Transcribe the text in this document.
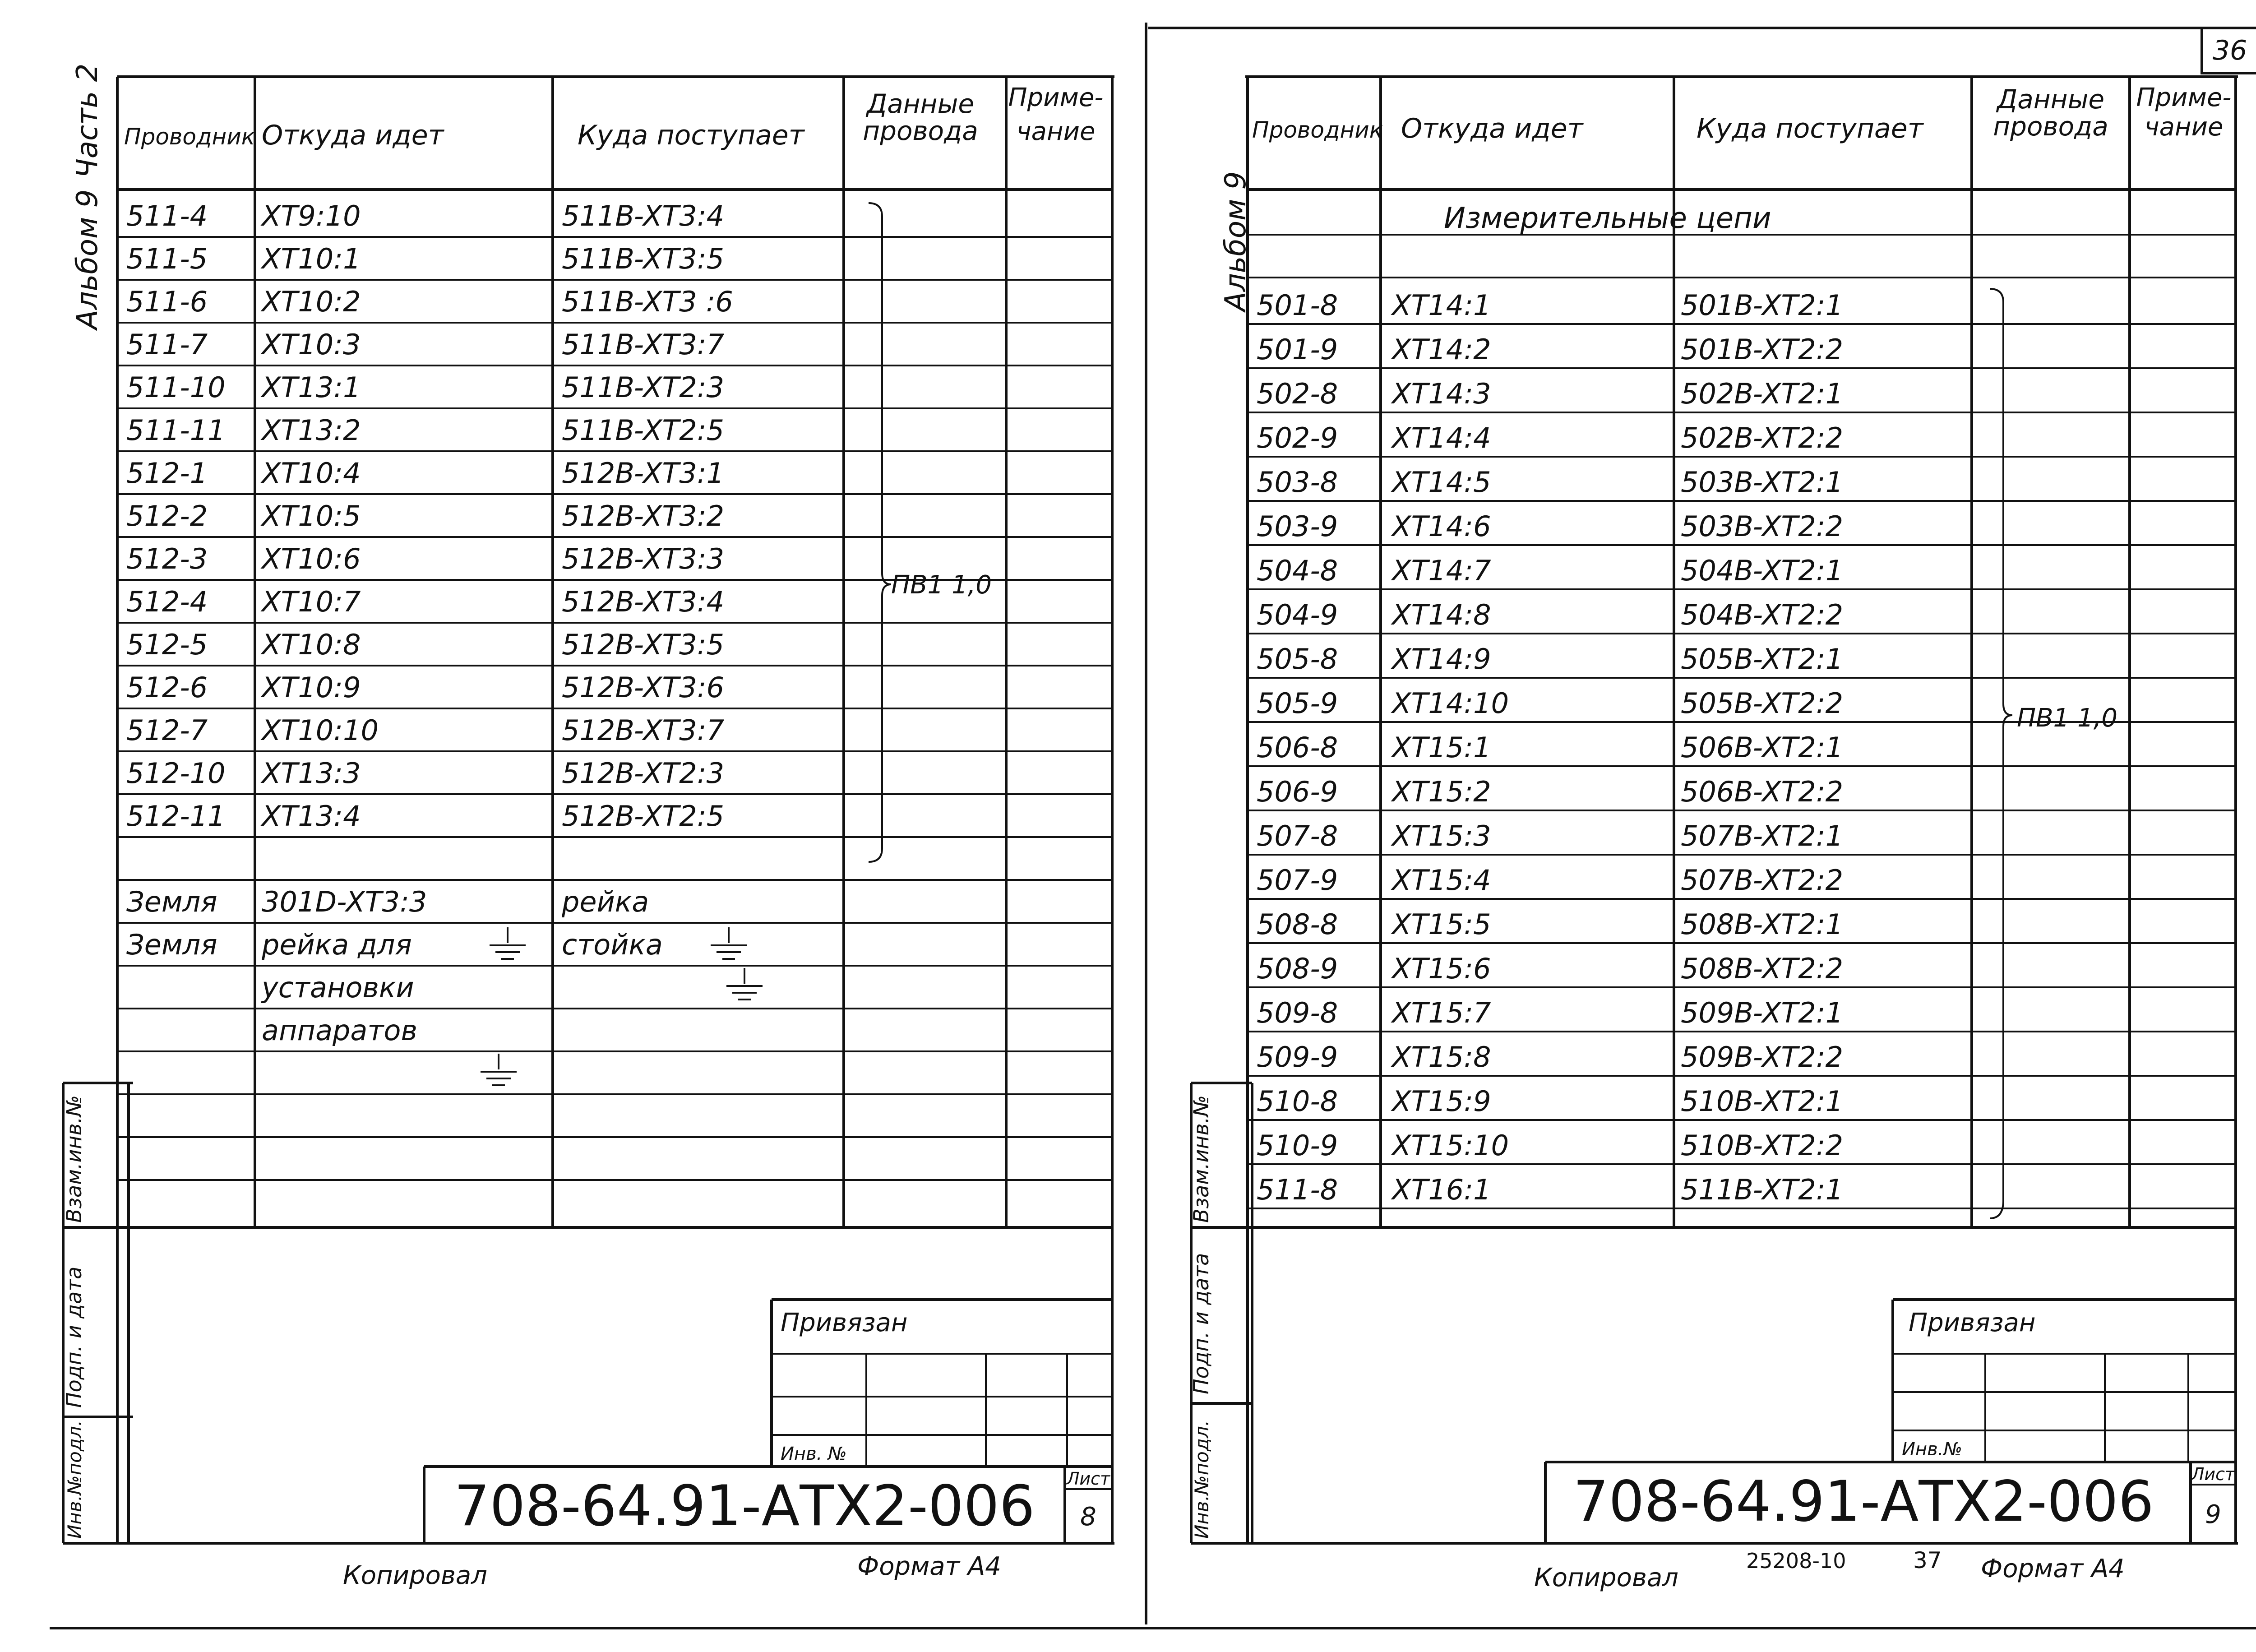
36
Альбом 9
Часть 2
Взам.инв.№
Подп. и дата
Инв.№подл.
Привязан
Инв. №
708-64.91-АТХ2-006 Лист
8
Копировал	Формат А4
Проводник Откуда идет	Куда поступает
Данные
провода
Приме-
чание
511-4 XT9:10	511B-XT3:4
511-5 XT10:1	511B-XT3:5
511-6 XT10:2	511B-XT3 :6
511-7 XT10:3	511B-XT3:7
511-10 XT13:1	511B-XT2:3
511-11 XT13:2	511B-XT2:5
512-1 XT10:4	512B-XT3:1
512-2 XT10:5	512B-XT3:2
512-3 XT10:6	512B-XT3:3
512-4 XT10:7	512B-XT3:4
512-5 XT10:8	512B-XT3:5
512-6 XT10:9	512B-XT3:6
512-7 XT10:10	512B-XT3:7
512-10 XT13:3	512B-XT2:3
512-11 XT13:4	512B-XT2:5
Земля 301D-XT3:3	рейка
Земля рейка для	стойка
установки
аппаратов
ПВ1 1,0
Альбом 9
Взам.инв.№
Подп. и дата
Инв.№подл.
Привязан
Инв.№
708-64.91-АТХ2-006 Лист
9
Копировал
25208-10	37 Формат А4
Проводник Откуда идет	Куда поступает
Данные
провода
Приме-
чание
Измерительные цепи
501-8 XT14:1	501B-XT2:1
501-9 XT14:2	501B-XT2:2
502-8 XT14:3	502B-XT2:1
502-9 XT14:4	502B-XT2:2
503-8 XT14:5	503B-XT2:1
503-9 XT14:6	503B-XT2:2
504-8 XT14:7	504B-XT2:1
504-9 XT14:8	504B-XT2:2
505-8 XT14:9	505B-XT2:1
505-9 XT14:10	505B-XT2:2
506-8 XT15:1	506B-XT2:1
506-9 XT15:2	506B-XT2:2
507-8 XT15:3	507B-XT2:1
507-9 XT15:4	507B-XT2:2
508-8 XT15:5	508B-XT2:1
508-9 XT15:6	508B-XT2:2
509-8 XT15:7	509B-XT2:1
509-9 XT15:8	509B-XT2:2
510-8 XT15:9	510B-XT2:1
510-9 XT15:10	510B-XT2:2
511-8 XT16:1	511B-XT2:1
ПВ1 1,0
